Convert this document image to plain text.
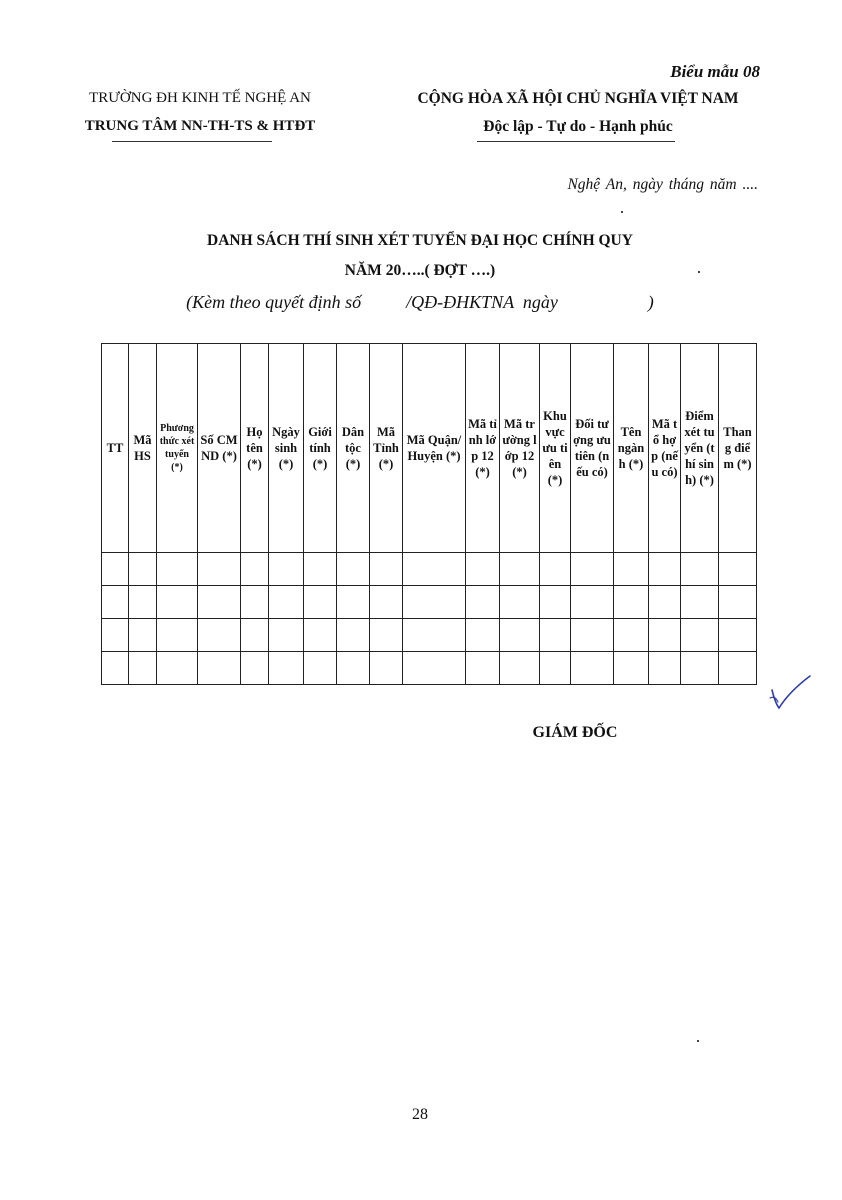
Biểu mẫu 08
TRƯỜNG ĐH KINH TẾ NGHỆ AN
TRUNG TÂM NN-TH-TS & HTĐT
CỘNG HÒA XÃ HỘI CHỦ NGHĨA VIỆT NAM
Độc lập - Tự do - Hạnh phúc
Nghệ An, ngày tháng năm ....
DANH SÁCH THÍ SINH XÉT TUYỂN ĐẠI HỌC CHÍNH QUY
NĂM 20…..( ĐỢT ….)
(Kèm theo quyết định số          /QĐ-ĐHKTNA  ngày                    )
TT	Mã HS	Phương thức xét tuyển (*)	Số CMND (*)	Họ tên (*)	Ngày sinh (*)	Giới tính (*)	Dân tộc (*)	Mã Tỉnh (*)	Mã Quận/ Huyện (*)	Mã tỉnh lớp 12 (*)	Mã trường lớp 12 (*)	Khu vực ưu tiên (*)	Đối tượng ưu tiên (nếu có)	Tên ngành (*)	Mã tổ hợp (nếu có)	Điểm xét tuyển (thí sinh) (*)	Thang điểm (*)

GIÁM ĐỐC
28
